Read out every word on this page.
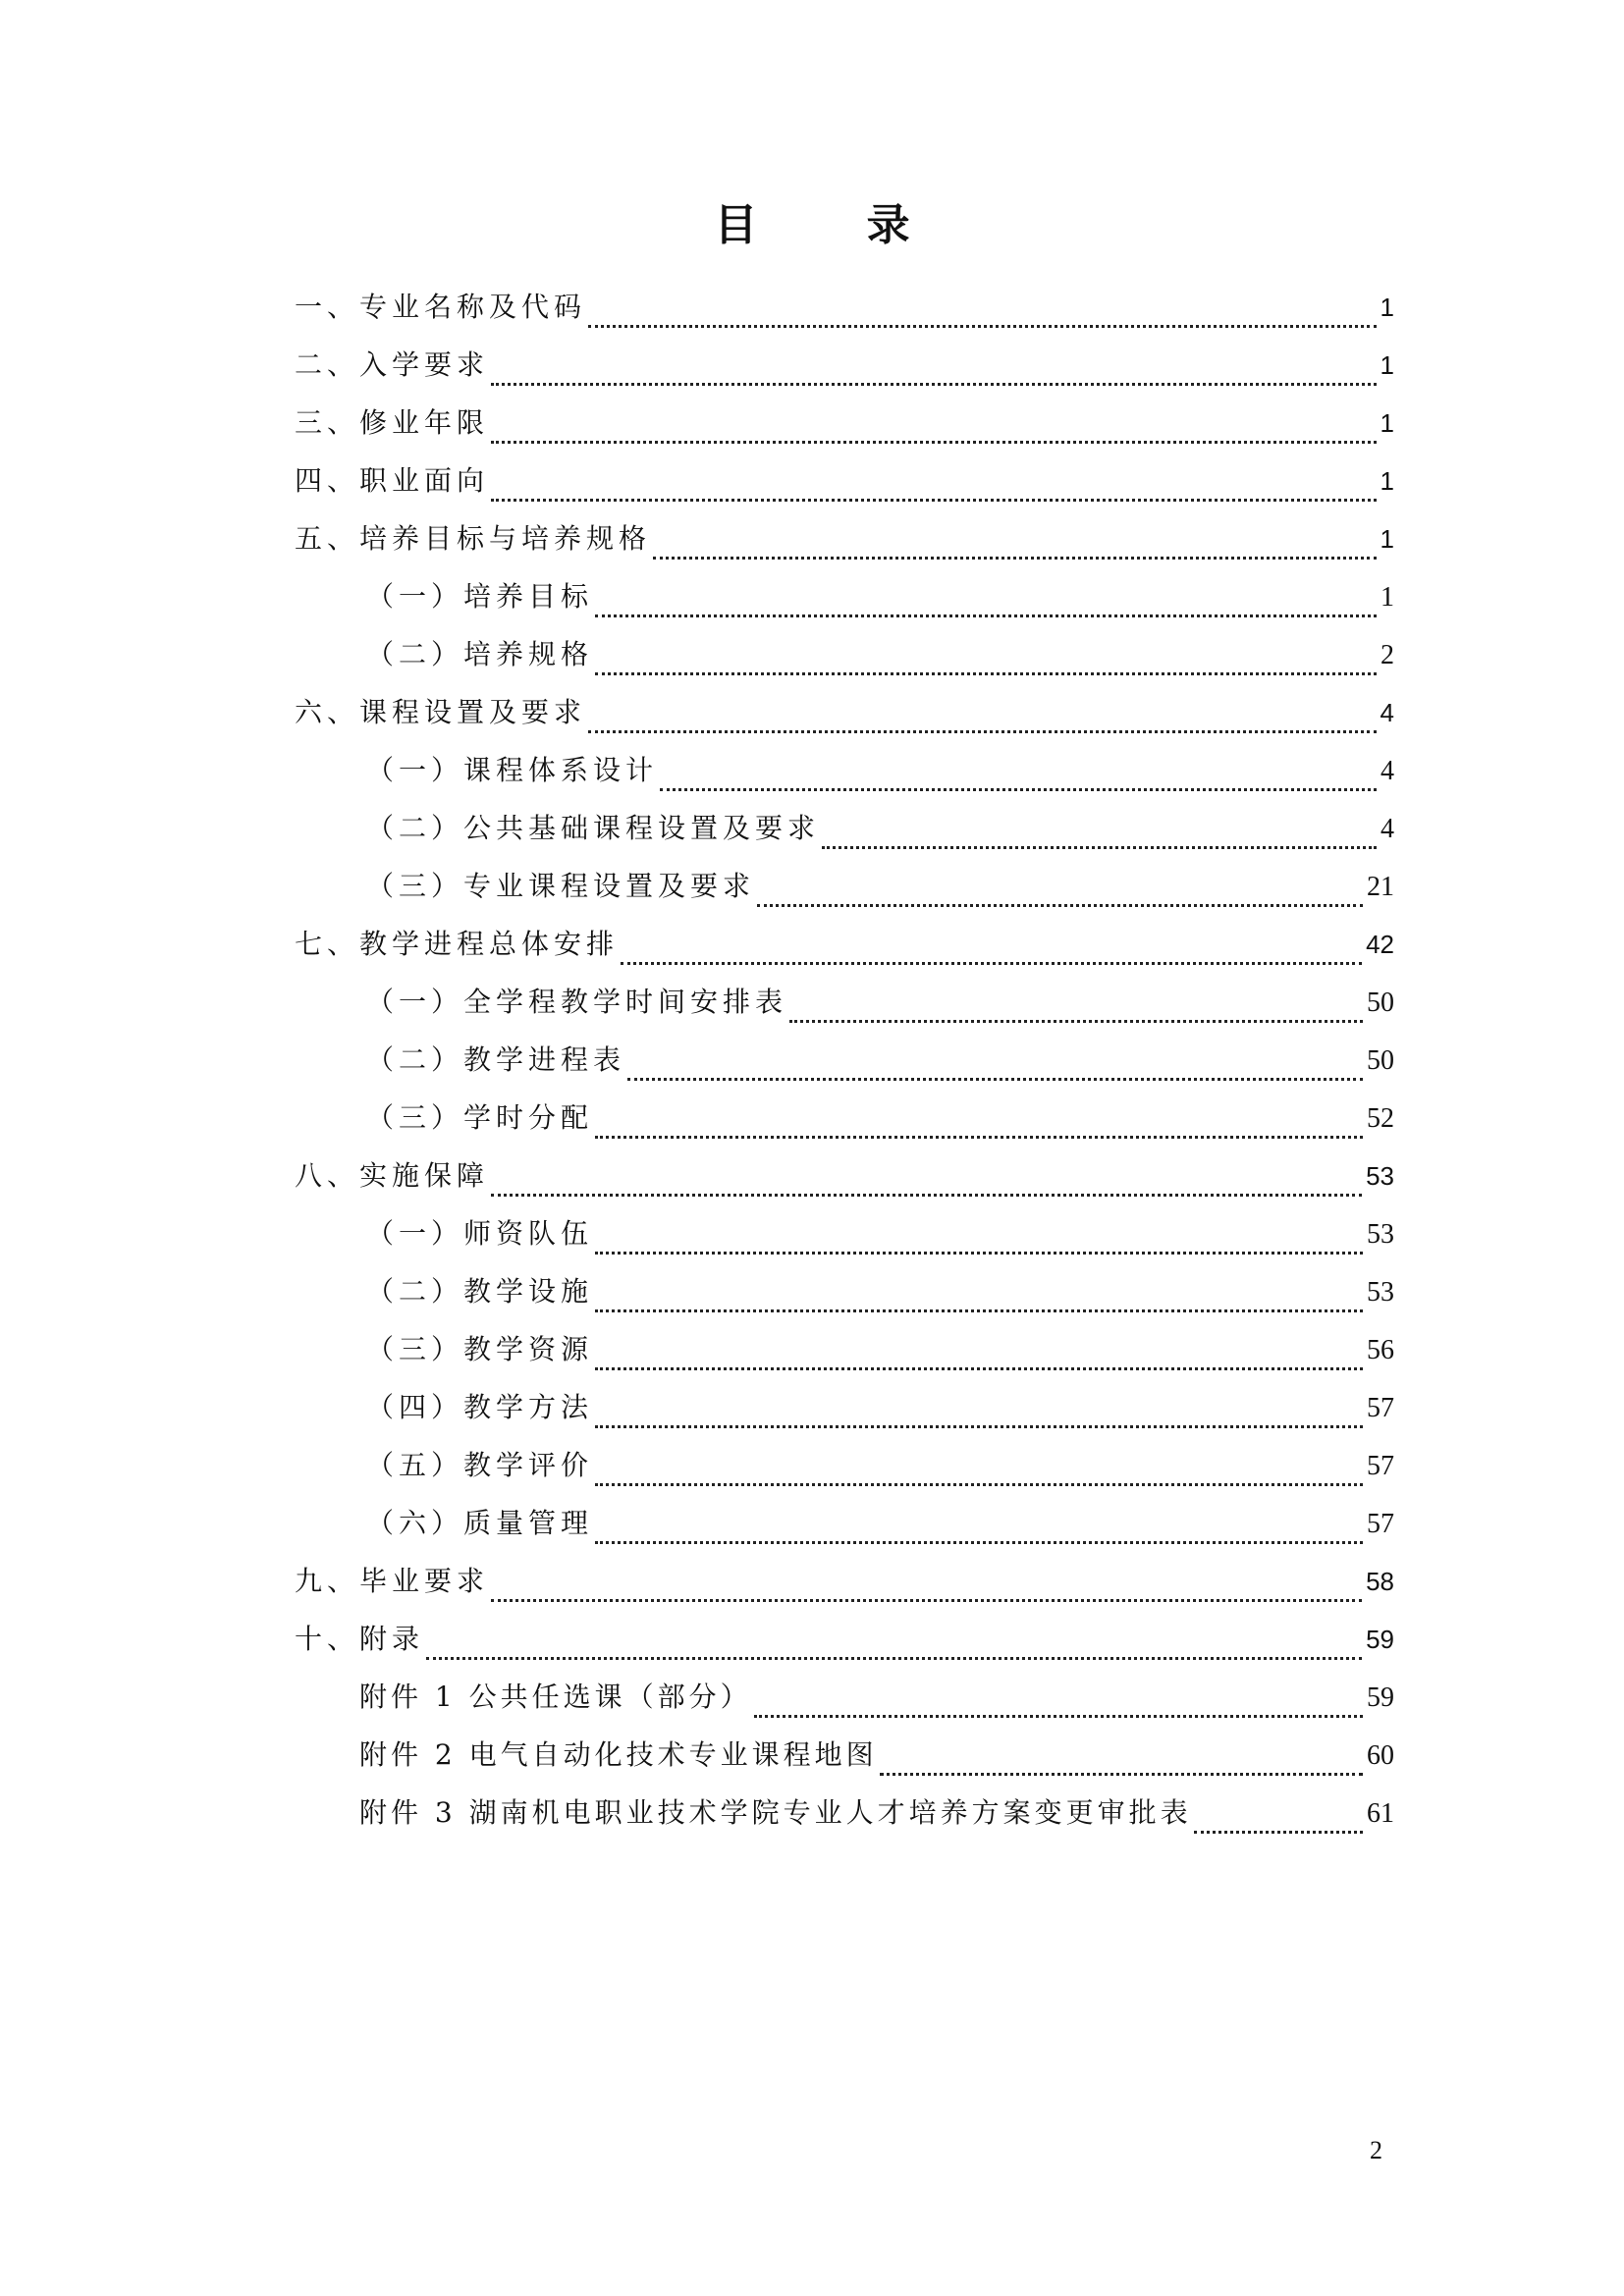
目 录
一、专业名称及代码	1
二、入学要求	1
三、修业年限	1
四、职业面向	1
五、培养目标与培养规格	1
（一）培养目标	1
（二）培养规格	2
六、课程设置及要求	4
（一）课程体系设计	4
（二）公共基础课程设置及要求	4
（三）专业课程设置及要求	21
七、教学进程总体安排	42
（一）全学程教学时间安排表	50
（二）教学进程表	50
（三）学时分配	52
八、实施保障	53
（一）师资队伍	53
（二）教学设施	53
（三）教学资源	56
（四）教学方法	57
（五）教学评价	57
（六）质量管理	57
九、毕业要求	58
十、附录	59
附件 1 公共任选课（部分）	59
附件 2 电气自动化技术专业课程地图	60
附件 3 湖南机电职业技术学院专业人才培养方案变更审批表	61
2
